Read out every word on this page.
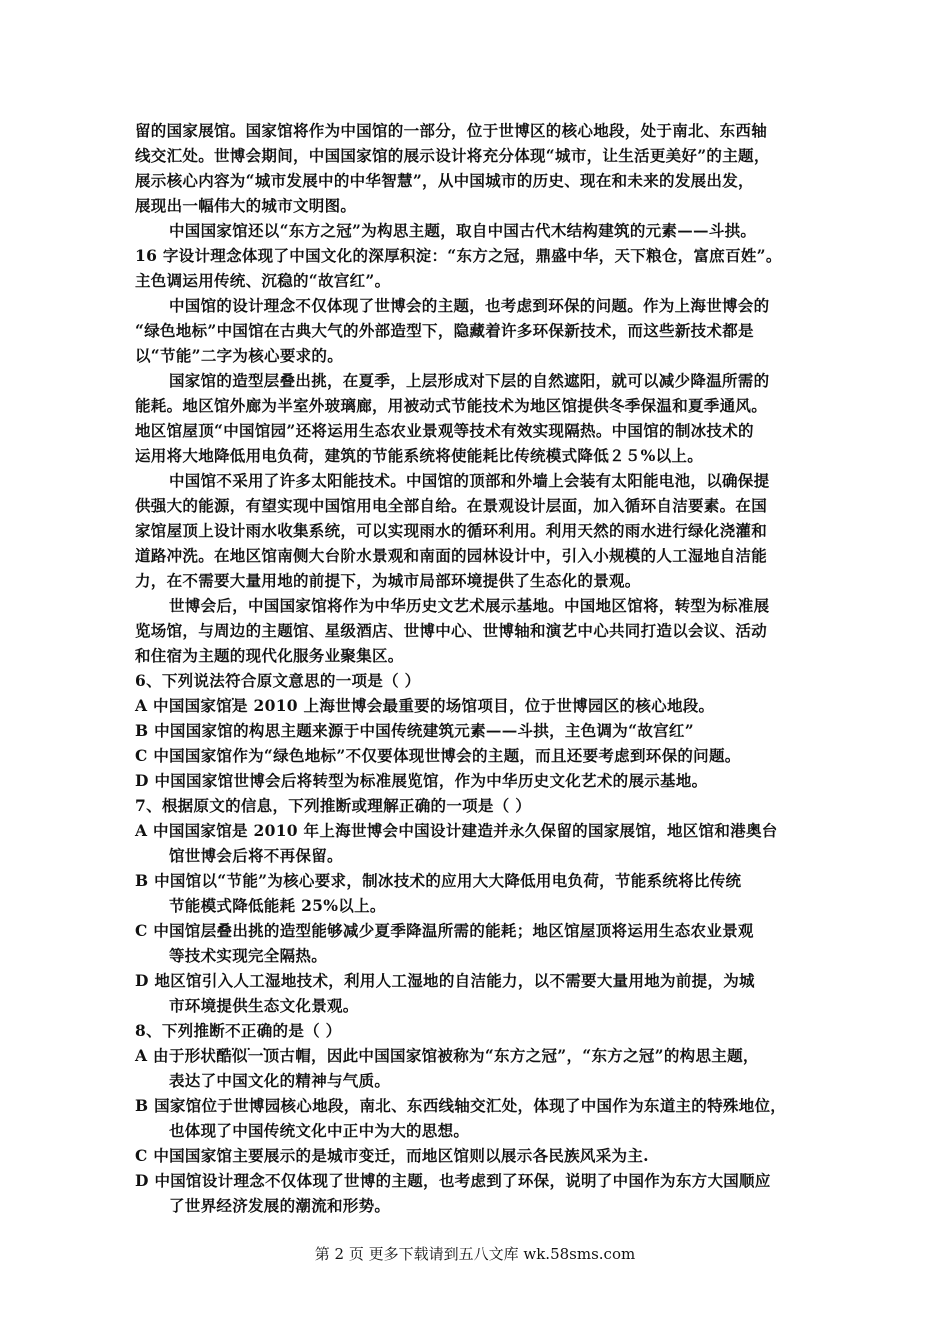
留的国家展馆。国家馆将作为中国馆的一部分，位于世博区的核心地段，处于南北、东西轴
线交汇处。世博会期间，中国国家馆的展示设计将充分体现“城市，让生活更美好”的主题，
展示核心内容为“城市发展中的中华智慧”，从中国城市的历史、现在和未来的发展出发，
展现出一幅伟大的城市文明图。
中国国家馆还以“东方之冠”为构思主题，取自中国古代木结构建筑的元素——斗拱。
16 字设计理念体现了中国文化的深厚积淀：“东方之冠，鼎盛中华，天下粮仓，富庶百姓”。
主色调运用传统、沉稳的“故宫红”。
中国馆的设计理念不仅体现了世博会的主题，也考虑到环保的问题。作为上海世博会的
“绿色地标”中国馆在古典大气的外部造型下，隐藏着许多环保新技术，而这些新技术都是
以“节能”二字为核心要求的。
国家馆的造型层叠出挑，在夏季，上层形成对下层的自然遮阳，就可以减少降温所需的
能耗。地区馆外廊为半室外玻璃廊，用被动式节能技术为地区馆提供冬季保温和夏季通风。
地区馆屋顶“中国馆园”还将运用生态农业景观等技术有效实现隔热。中国馆的制冰技术的
运用将大地降低用电负荷，建筑的节能系统将使能耗比传统模式降低２５%以上。
中国馆不采用了许多太阳能技术。中国馆的顶部和外墙上会装有太阳能电池，以确保提
供强大的能源，有望实现中国馆用电全部自给。在景观设计层面，加入循环自洁要素。在国
家馆屋顶上设计雨水收集系统，可以实现雨水的循环利用。利用天然的雨水进行绿化浇灌和
道路冲洗。在地区馆南侧大台阶水景观和南面的园林设计中，引入小规模的人工湿地自洁能
力，在不需要大量用地的前提下，为城市局部环境提供了生态化的景观。
世博会后，中国国家馆将作为中华历史文艺术展示基地。中国地区馆将，转型为标准展
览场馆，与周边的主题馆、星级酒店、世博中心、世博轴和演艺中心共同打造以会议、活动
和住宿为主题的现代化服务业聚集区。
6、下列说法符合原文意思的一项是（ ）
A 中国国家馆是 2010 上海世博会最重要的场馆项目，位于世博园区的核心地段。
B 中国国家馆的构思主题来源于中国传统建筑元素——斗拱，主色调为“故宫红”
C 中国国家馆作为“绿色地标”不仅要体现世博会的主题，而且还要考虑到环保的问题。
D 中国国家馆世博会后将转型为标准展览馆，作为中华历史文化艺术的展示基地。
7、根据原文的信息，下列推断或理解正确的一项是（ ）
A 中国国家馆是 2010 年上海世博会中国设计建造并永久保留的国家展馆，地区馆和港奥台
馆世博会后将不再保留。
B 中国馆以“节能”为核心要求，制冰技术的应用大大降低用电负荷，节能系统将比传统
节能模式降低能耗 25%以上。
C 中国馆层叠出挑的造型能够减少夏季降温所需的能耗；地区馆屋顶将运用生态农业景观
等技术实现完全隔热。
D 地区馆引入人工湿地技术，利用人工湿地的自洁能力，以不需要大量用地为前提，为城
市环境提供生态文化景观。
8、下列推断不正确的是（ ）
A 由于形状酷似一顶古帽，因此中国国家馆被称为“东方之冠”，“东方之冠”的构思主题，
表达了中国文化的精神与气质。
B 国家馆位于世博园核心地段，南北、东西线轴交汇处，体现了中国作为东道主的特殊地位，
也体现了中国传统文化中正中为大的思想。
C 中国国家馆主要展示的是城市变迁，而地区馆则以展示各民族风采为主.
D 中国馆设计理念不仅体现了世博的主题，也考虑到了环保，说明了中国作为东方大国顺应
了世界经济发展的潮流和形势。
第 2 页 更多下载请到五八文库 wk.58sms.com
